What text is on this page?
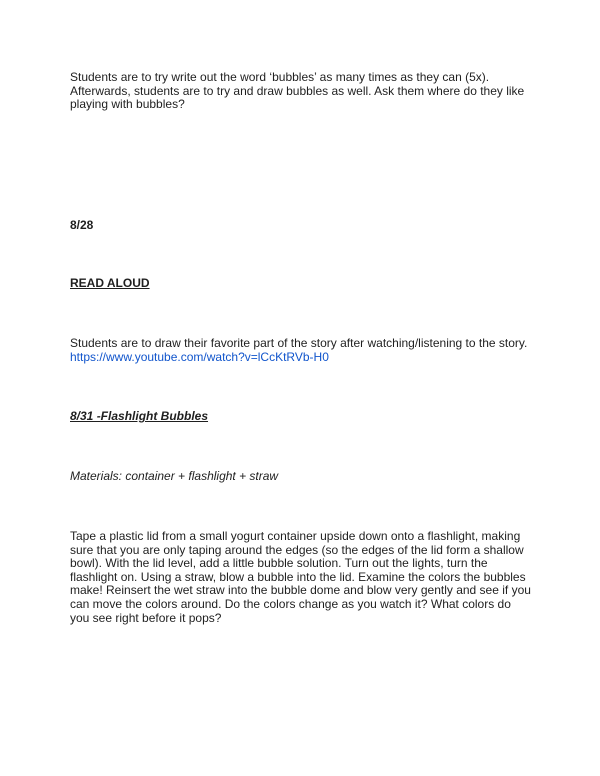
Students are to try write out the word ‘bubbles’ as many times as they can (5x). Afterwards, students are to try and draw bubbles as well. Ask them where do they like playing with bubbles?

8/28

READ ALOUD

Students are to draw their favorite part of the story after watching/listening to the story.
https://www.youtube.com/watch?v=lCcKtRVb-H0

8/31 -Flashlight Bubbles

Materials: container + flashlight + straw

Tape a plastic lid from a small yogurt container upside down onto a flashlight, making sure that you are only taping around the edges (so the edges of the lid form a shallow bowl). With the lid level, add a little bubble solution. Turn out the lights, turn the flashlight on. Using a straw, blow a bubble into the lid. Examine the colors the bubbles make! Reinsert the wet straw into the bubble dome and blow very gently and see if you can move the colors around. Do the colors change as you watch it? What colors do you see right before it pops?
